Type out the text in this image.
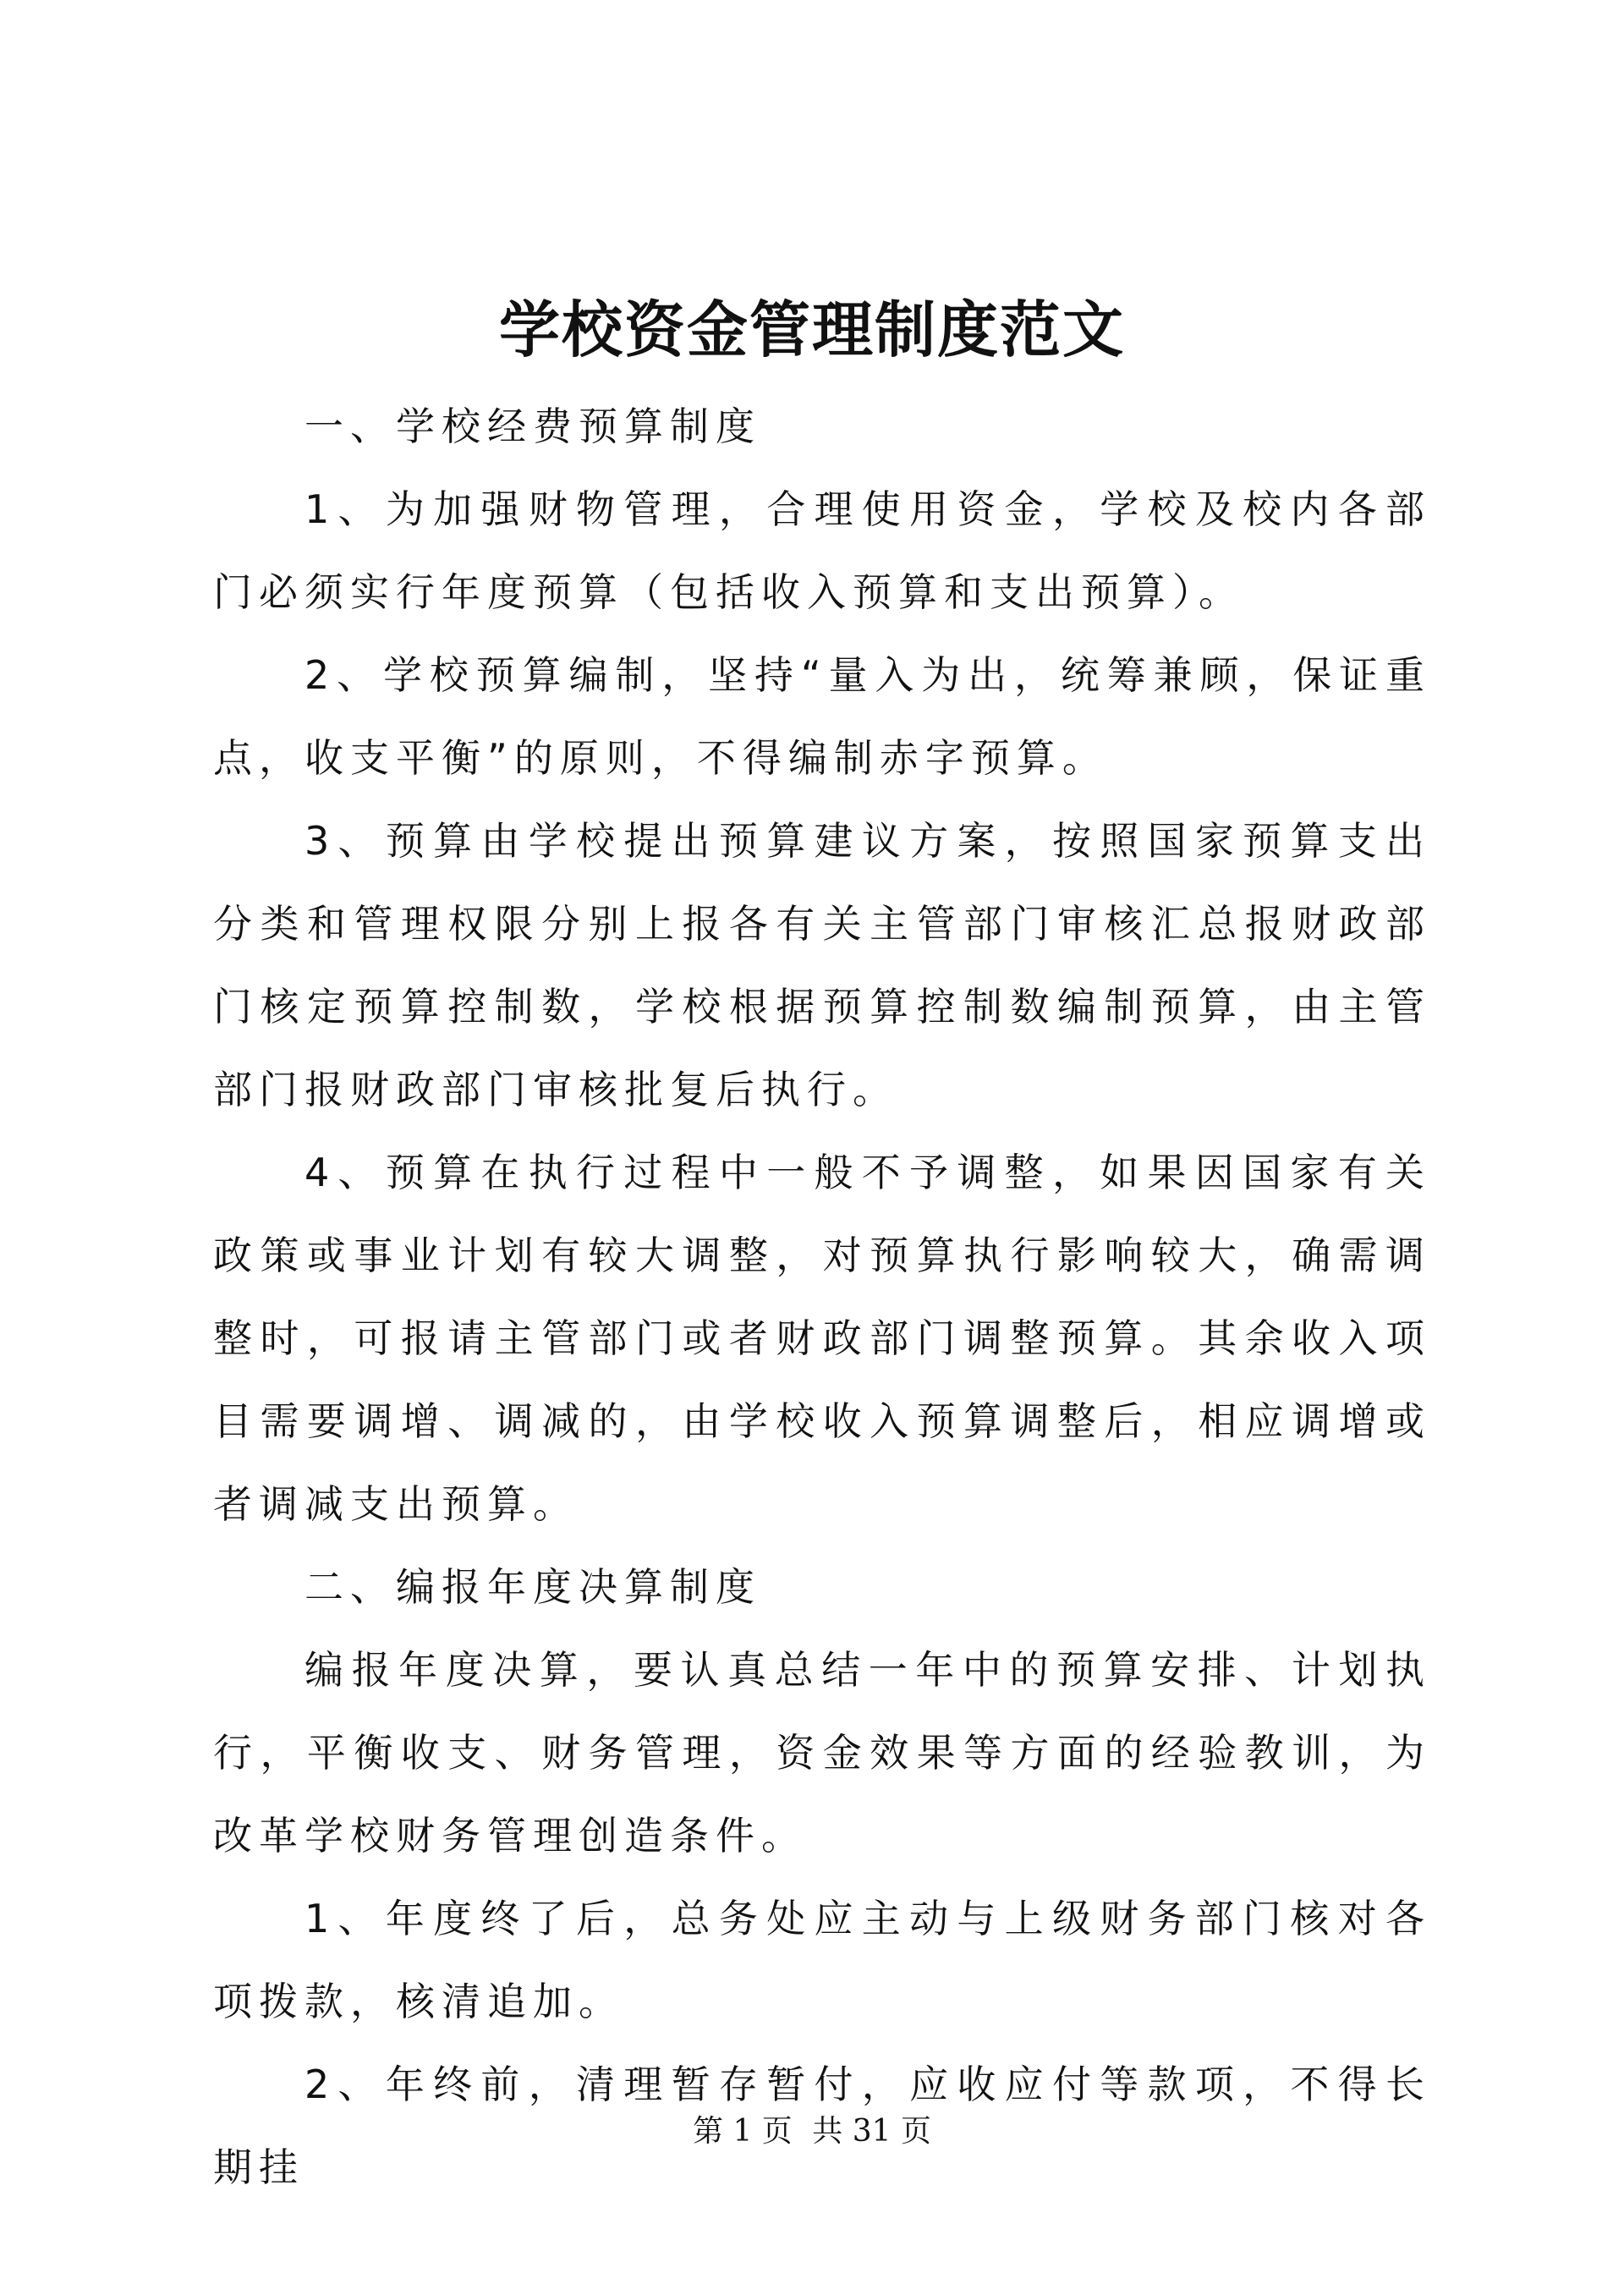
学校资金管理制度范文

一、学校经费预算制度

1、为加强财物管理，合理使用资金，学校及校内各部门必须实行年度预算（包括收入预算和支出预算）。

2、学校预算编制，坚持“量入为出，统筹兼顾，保证重点，收支平衡”的原则，不得编制赤字预算。

3、预算由学校提出预算建议方案，按照国家预算支出分类和管理权限分别上报各有关主管部门审核汇总报财政部门核定预算控制数，学校根据预算控制数编制预算，由主管部门报财政部门审核批复后执行。

4、预算在执行过程中一般不予调整，如果因国家有关政策或事业计划有较大调整，对预算执行影响较大，确需调整时，可报请主管部门或者财政部门调整预算。其余收入项目需要调增、调减的，由学校收入预算调整后，相应调增或者调减支出预算。

二、编报年度决算制度

编报年度决算，要认真总结一年中的预算安排、计划执行，平衡收支、财务管理，资金效果等方面的经验教训，为改革学校财务管理创造条件。

1、年度终了后，总务处应主动与上级财务部门核对各项拨款，核清追加。

2、年终前，清理暂存暂付，应收应付等款项，不得长期挂

第 1 页 共 31 页
